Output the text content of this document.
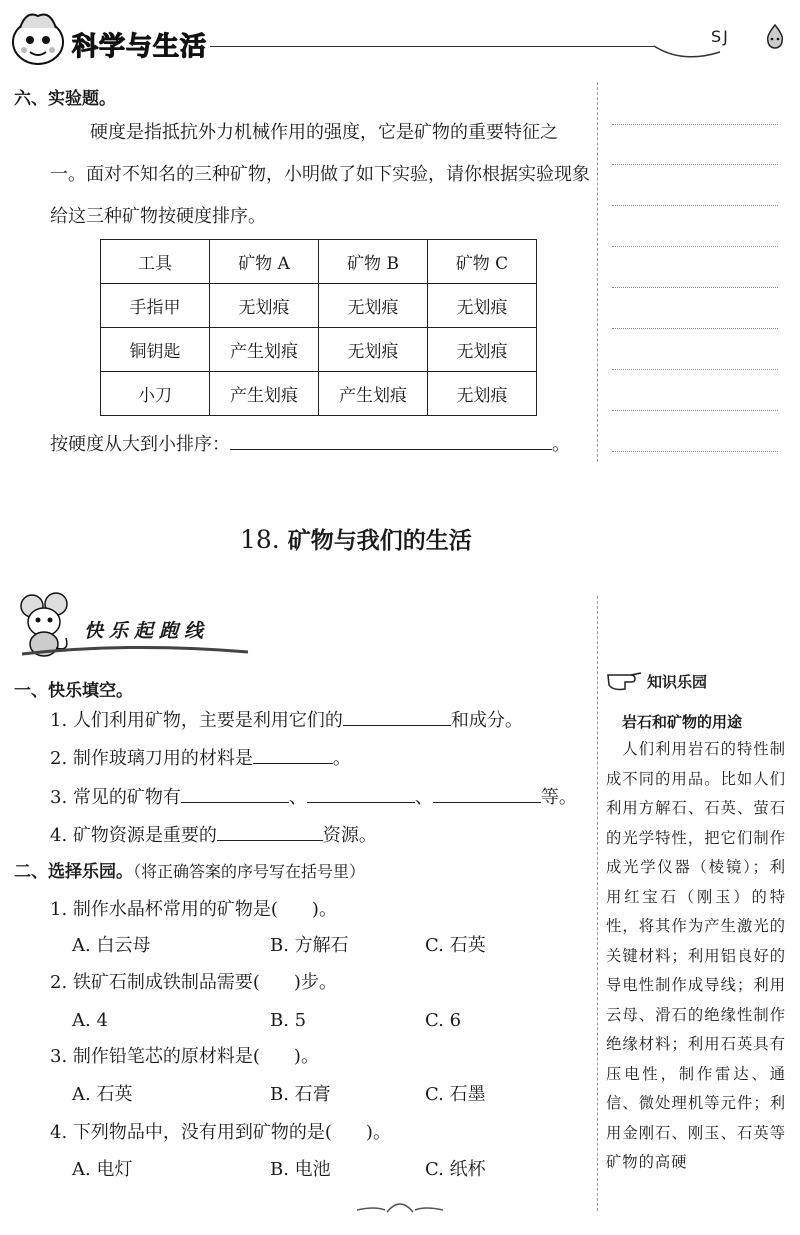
科学与生活	SJ
六、实验题。
硬度是指抵抗外力机械作用的强度，它是矿物的重要特征之一。面对不知名的三种矿物，小明做了如下实验，请你根据实验现象给这三种矿物按硬度排序。
工具	矿物 A	矿物 B	矿物 C
手指甲	无划痕	无划痕	无划痕
铜钥匙	产生划痕	无划痕	无划痕
小刀	产生划痕	产生划痕	无划痕
按硬度从大到小排序：	。
18. 矿物与我们的生活
快乐起跑线
知识乐园
岩石和矿物的用途
　人们利用岩石的特性制成不同的用品。比如人们利用方解石、石英、萤石的光学特性，把它们制作成光学仪器（棱镜）；利用红宝石（刚玉）的特性，将其作为产生激光的关键材料；利用铝良好的导电性制作成导线；利用云母、滑石的绝缘性制作绝缘材料；利用石英具有压电性，制作雷达、通信、微处理机等元件；利用金刚石、刚玉、石英等矿物的高硬
一、快乐填空。
1. 人们利用矿物，主要是利用它们的	和成分。
2. 制作玻璃刀用的材料是	。
3. 常见的矿物有	、	、	等。
4. 矿物资源是重要的	资源。
二、选择乐园。（将正确答案的序号写在括号里）
1. 制作水晶杯常用的矿物是( )。
A. 白云母	B. 方解石	C. 石英
2. 铁矿石制成铁制品需要( )步。
A. 4	B. 5	C. 6
3. 制作铅笔芯的原材料是( )。
A. 石英	B. 石膏	C. 石墨
4. 下列物品中，没有用到矿物的是( )。
A. 电灯	B. 电池	C. 纸杯
